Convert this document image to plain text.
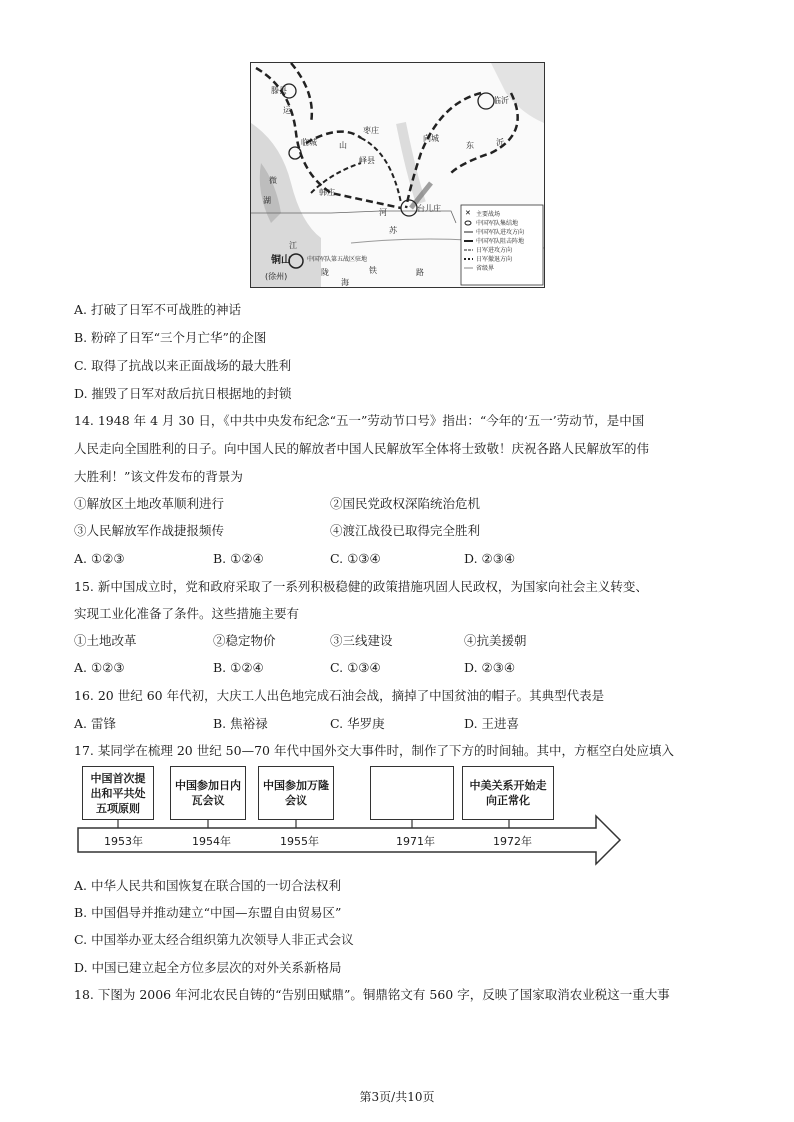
滕县
临城
枣庄
峄县
向城
临沂
韩庄
台儿庄
铜山
(徐州)
中国军队第五战区驻地
运
山	东	沂
苏
江
湖
铁	路
陇
海
河
微
✕ 主要战场
中国军队集结地
中国军队进攻方向
中国军队阻击阵地
日军进攻方向
日军撤退方向
省级界
A. 打破了日军不可战胜的神话
B. 粉碎了日军“三个月亡华”的企图
C. 取得了抗战以来正面战场的最大胜利
D. 摧毁了日军对敌后抗日根据地的封锁
14. 1948 年 4 月 30 日，《中共中央发布纪念“五一”劳动节口号》指出：“今年的‘五一’劳动节，是中国
人民走向全国胜利的日子。向中国人民的解放者中国人民解放军全体将士致敬！庆祝各路人民解放军的伟
大胜利！”该文件发布的背景为
①解放区土地改革顺利进行	②国民党政权深陷统治危机
③人民解放军作战捷报频传	④渡江战役已取得完全胜利
A. ①②③	B. ①②④	C. ①③④	D. ②③④
15. 新中国成立时，党和政府采取了一系列积极稳健的政策措施巩固人民政权，为国家向社会主义转变、
实现工业化准备了条件。这些措施主要有
①土地改革	②稳定物价	③三线建设	④抗美援朝
A. ①②③	B. ①②④	C. ①③④	D. ②③④
16. 20 世纪 60 年代初，大庆工人出色地完成石油会战，摘掉了中国贫油的帽子。其典型代表是
A. 雷锋	B. 焦裕禄	C. 华罗庚	D. 王进喜
17. 某同学在梳理 20 世纪 50—70 年代中国外交大事件时，制作了下方的时间轴。其中，方框空白处应填入
中国首次提出和平共处五项原则
中国参加日内瓦会议
中国参加万隆会议
中美关系开始走向正常化
1953年	1954年	1955年	1971年	1972年
A. 中华人民共和国恢复在联合国的一切合法权利
B. 中国倡导并推动建立“中国—东盟自由贸易区”
C. 中国举办亚太经合组织第九次领导人非正式会议
D. 中国已建立起全方位多层次的对外关系新格局
18. 下图为 2006 年河北农民自铸的“告别田赋鼎”。铜鼎铭文有 560 字，反映了国家取消农业税这一重大事
第3页/共10页
